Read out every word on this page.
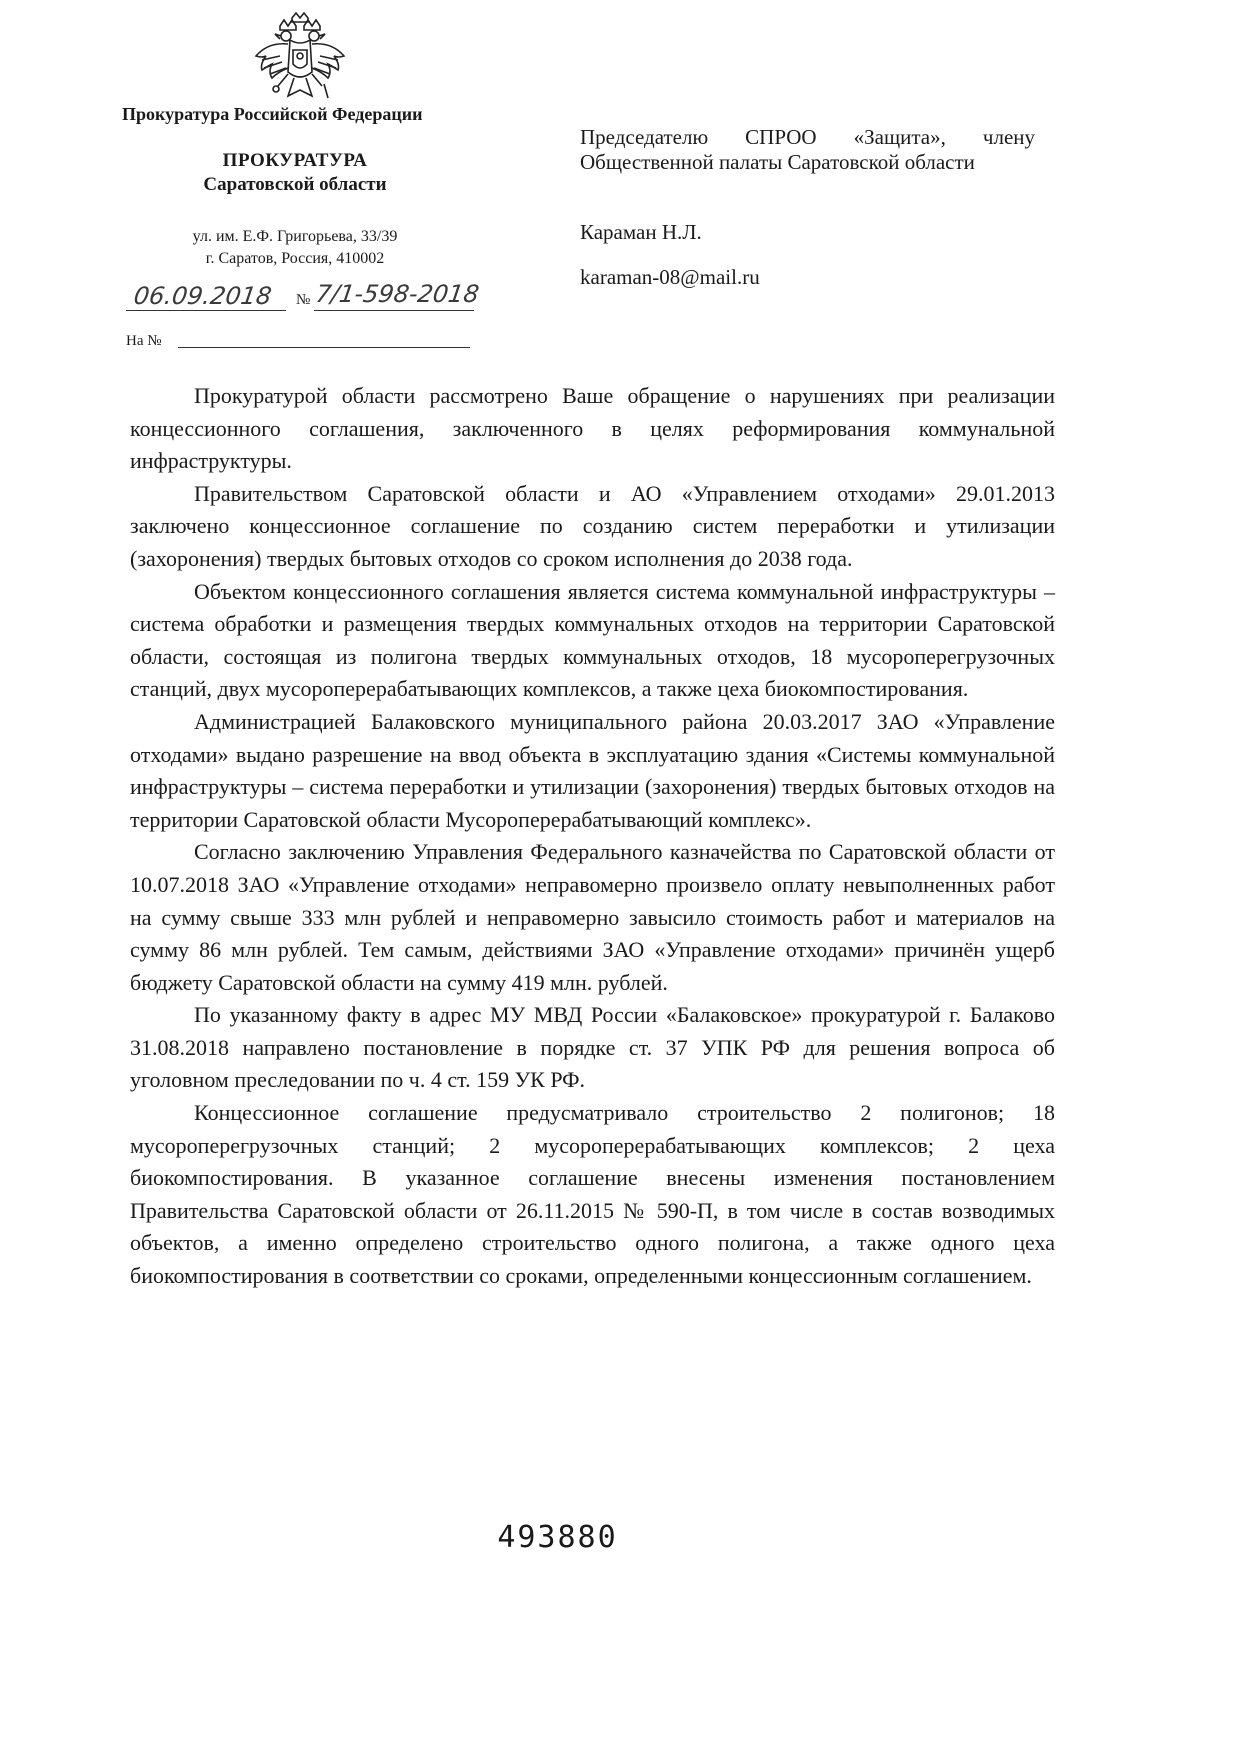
Прокуратура Российской Федерации
ПРОКУРАТУРА
Саратовской области
ул. им. Е.Ф. Григорьева, 33/39
г. Саратов, Россия, 410002
06.09.2018	№ 7/1-598-2018
На №
Председателю СПРОО «Защита», члену Общественной палаты Саратовской области
Караман Н.Л.
karaman-08@mail.ru

Прокуратурой области рассмотрено Ваше обращение о нарушениях при реализации концессионного соглашения, заключенного в целях реформирования коммунальной инфраструктуры.

Правительством Саратовской области и АО «Управлением отходами» 29.01.2013 заключено концессионное соглашение по созданию систем переработки и утилизации (захоронения) твердых бытовых отходов со сроком исполнения до 2038 года.

Объектом концессионного соглашения является система коммунальной инфраструктуры – система обработки и размещения твердых коммунальных отходов на территории Саратовской области, состоящая из полигона твердых коммунальных отходов, 18 мусороперегрузочных станций, двух мусороперерабатывающих комплексов, а также цеха биокомпостирования.

Администрацией Балаковского муниципального района 20.03.2017 ЗАО «Управление отходами» выдано разрешение на ввод объекта в эксплуатацию здания «Системы коммунальной инфраструктуры – система переработки и утилизации (захоронения) твердых бытовых отходов на территории Саратовской области Мусороперерабатывающий комплекс».

Согласно заключению Управления Федерального казначейства по Саратовской области от 10.07.2018 ЗАО «Управление отходами» неправомерно произвело оплату невыполненных работ на сумму свыше 333 млн рублей и неправомерно завысило стоимость работ и материалов на сумму 86 млн рублей. Тем самым, действиями ЗАО «Управление отходами» причинён ущерб бюджету Саратовской области на сумму 419 млн. рублей.

По указанному факту в адрес МУ МВД России «Балаковское» прокуратурой г. Балаково 31.08.2018 направлено постановление в порядке ст. 37 УПК РФ для решения вопроса об уголовном преследовании по ч. 4 ст. 159 УК РФ.

Концессионное соглашение предусматривало строительство 2 полигонов; 18 мусороперегрузочных станций; 2 мусороперерабатывающих комплексов; 2 цеха биокомпостирования. В указанное соглашение внесены изменения постановлением Правительства Саратовской области от 26.11.2015 № 590-П, в том числе в состав возводимых объектов, а именно определено строительство одного полигона, а также одного цеха биокомпостирования в соответствии со сроками, определенными концессионным соглашением.

493880
